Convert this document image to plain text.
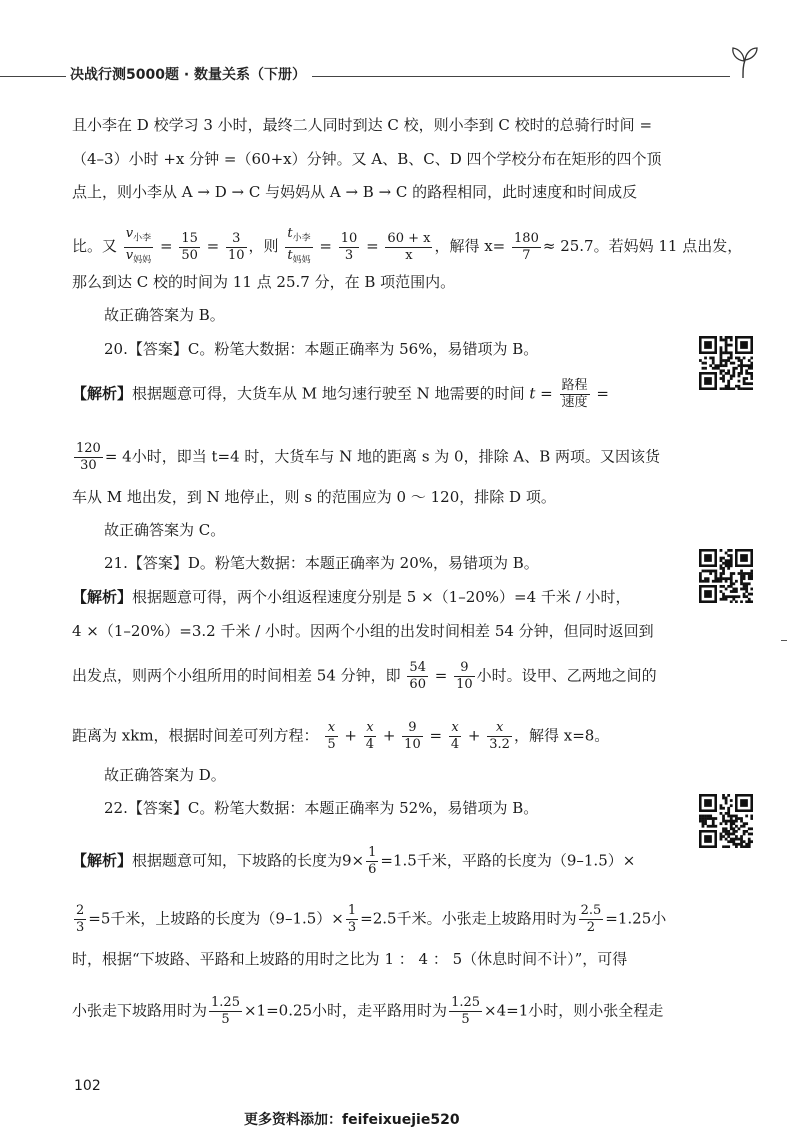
决战行测5000题 · 数量关系（下册）
且小李在 D 校学习 3 小时，最终二人同时到达 C 校，则小李到 C 校时的总骑行时间 =
（4–3）小时 +x 分钟 =（60+x）分钟。又 A、B、C、D 四个学校分布在矩形的四个顶
点上，则小李从 A → D → C 与妈妈从 A → B → C 的路程相同，此时速度和时间成反
比。又 $\frac{v_{小李}}{v_{妈妈}} = \frac{15}{50} = \frac{3}{10}$ ，则 $\frac{t_{小李}}{t_{妈妈}} = \frac{10}{3} = \frac{60 + x}{x}$ ，解得 $x= \frac{180}{7} \approx 25.7$。若妈妈 11 点出发，
那么到达 C 校的时间为 11 点 25.7 分，在 B 项范围内。
故正确答案为 B。
20.【答案】C。粉笔大数据：本题正确率为 56%，易错项为 B。
【解析】根据题意可得，大货车从 M 地匀速行驶至 N 地需要的时间 $t = \frac{\text{路程}}{\text{速度}}$ =
$\frac{120}{30} = 4$小时，即当 t=4 时，大货车与 N 地的距离 s 为 0，排除 A、B 两项。又因该货
车从 M 地出发，到 N 地停止，则 s 的范围应为 0 ～ 120，排除 D 项。
故正确答案为 C。
21.【答案】D。粉笔大数据：本题正确率为 20%，易错项为 B。
【解析】根据题意可得，两个小组返程速度分别是 5 ×（1–20%）=4 千米 / 小时，
4 ×（1–20%）=3.2 千米 / 小时。因两个小组的出发时间相差 54 分钟，但同时返回到
出发点，则两个小组所用的时间相差 54 分钟，即 $\frac{54}{60} = \frac{9}{10}$ 小时。设甲、乙两地之间的
距离为 xkm，根据时间差可列方程： $\frac{x}{5} + \frac{x}{4} + \frac{9}{10} = \frac{x}{4} + \frac{x}{3.2}$ ，解得 x=8。
故正确答案为 D。
22.【答案】C。粉笔大数据：本题正确率为 52%，易错项为 B。
【解析】根据题意可知，下坡路的长度为$9\times \frac{1}{6} =1.5$千米，平路的长度为（9–1.5）×
$\frac{2}{3} =5$千米，上坡路的长度为$(9-1.5)\times \frac{1}{3} =2.5$千米。小张走上坡路用时为 $\frac{2.5}{2} =1.25$小
时，根据“下坡路、平路和上坡路的用时之比为 1 ： 4 ： 5（休息时间不计）”，可得
小张走下坡路用时为 $\frac{1.25}{5} \times 1=0.25$小时，走平路用时为 $\frac{1.25}{5} \times 4=1$小时，则小张全程走
102
更多资料添加：feifeixuejie520
